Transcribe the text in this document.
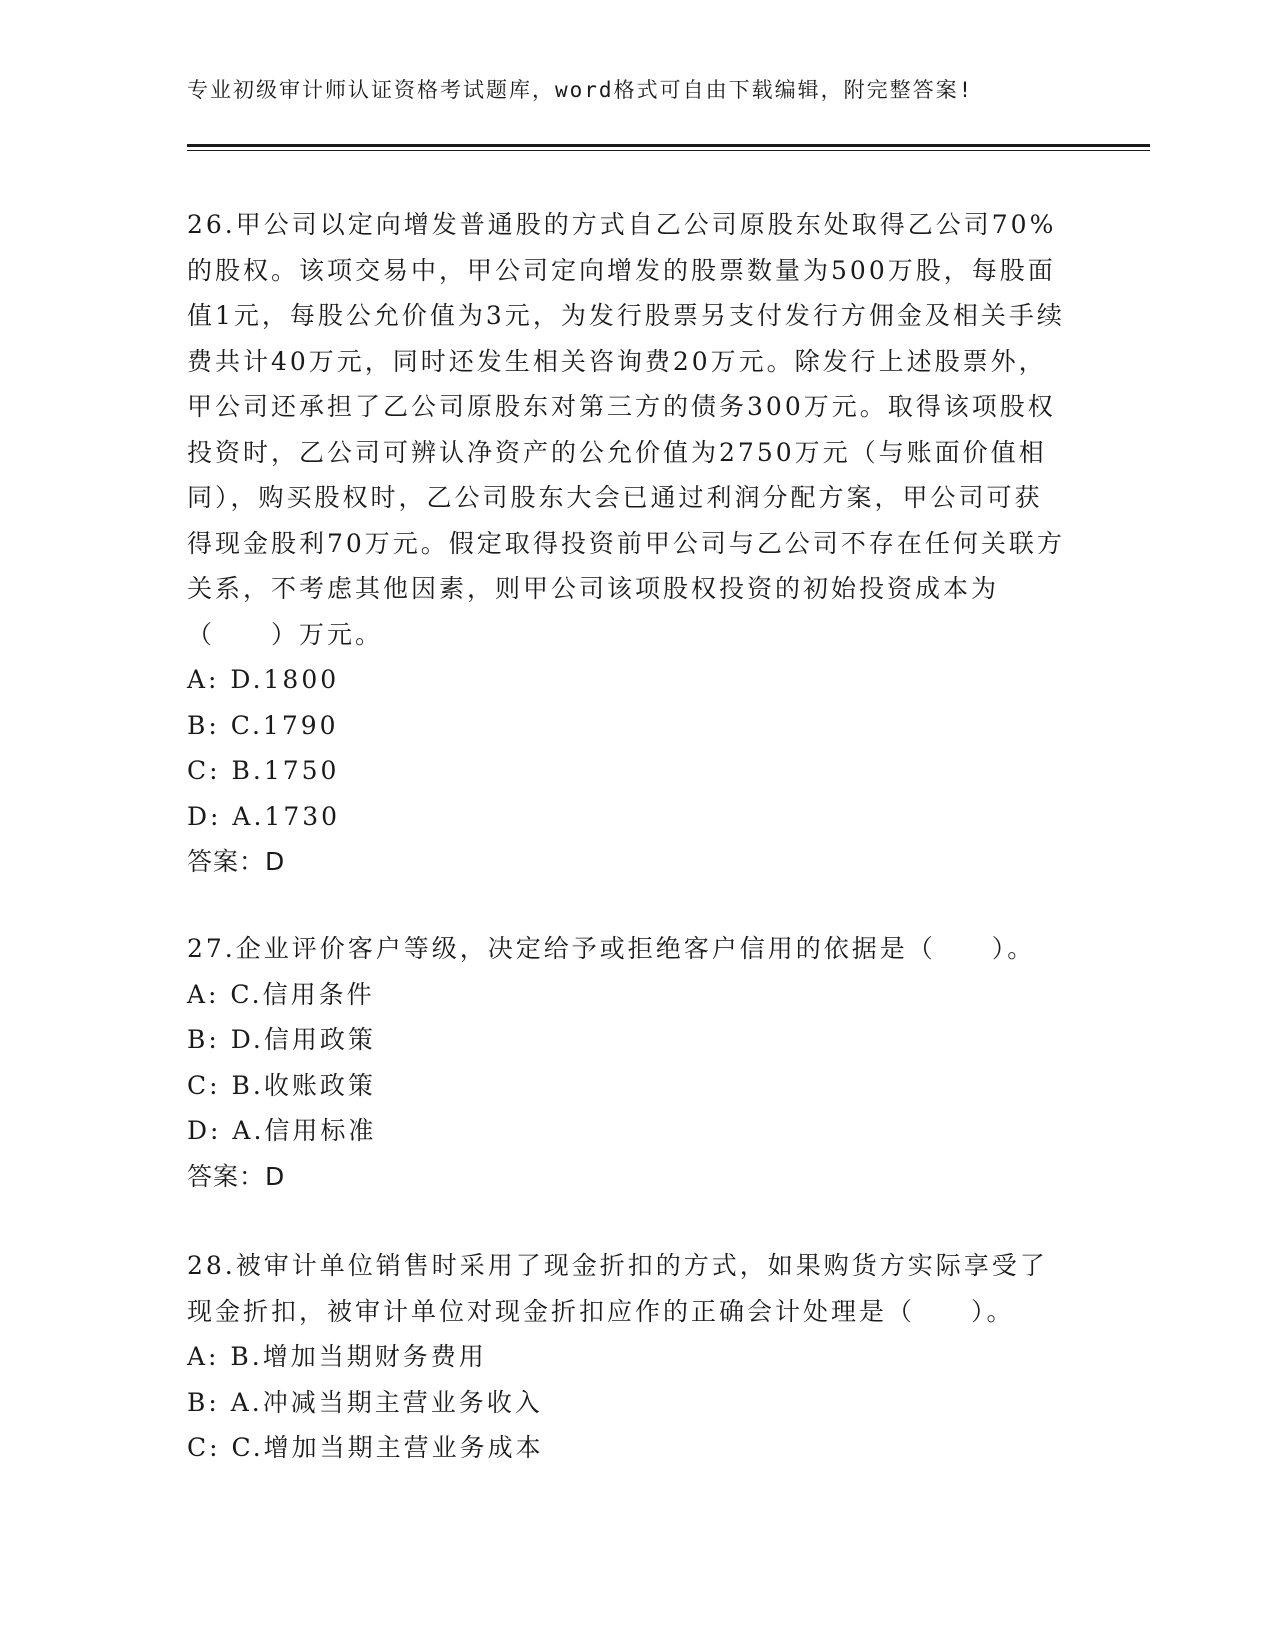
专业初级审计师认证资格考试题库，word格式可自由下载编辑，附完整答案!

26.甲公司以定向增发普通股的方式自乙公司原股东处取得乙公司70%的股权。该项交易中，甲公司定向增发的股票数量为500万股，每股面值1元，每股公允价值为3元，为发行股票另支付发行方佣金及相关手续费共计40万元，同时还发生相关咨询费20万元。除发行上述股票外，甲公司还承担了乙公司原股东对第三方的债务300万元。取得该项股权投资时，乙公司可辨认净资产的公允价值为2750万元（与账面价值相同），购买股权时，乙公司股东大会已通过利润分配方案，甲公司可获得现金股利70万元。假定取得投资前甲公司与乙公司不存在任何关联方关系，不考虑其他因素，则甲公司该项股权投资的初始投资成本为（　　）万元。

A: D.1800

B: C.1790

C: B.1750

D: A.1730

答案：D

27.企业评价客户等级，决定给予或拒绝客户信用的依据是（　　）。

A: C.信用条件

B: D.信用政策

C: B.收账政策

D: A.信用标准

答案：D

28.被审计单位销售时采用了现金折扣的方式，如果购货方实际享受了现金折扣，被审计单位对现金折扣应作的正确会计处理是（　　）。

A: B.增加当期财务费用

B: A.冲减当期主营业务收入

C: C.增加当期主营业务成本
